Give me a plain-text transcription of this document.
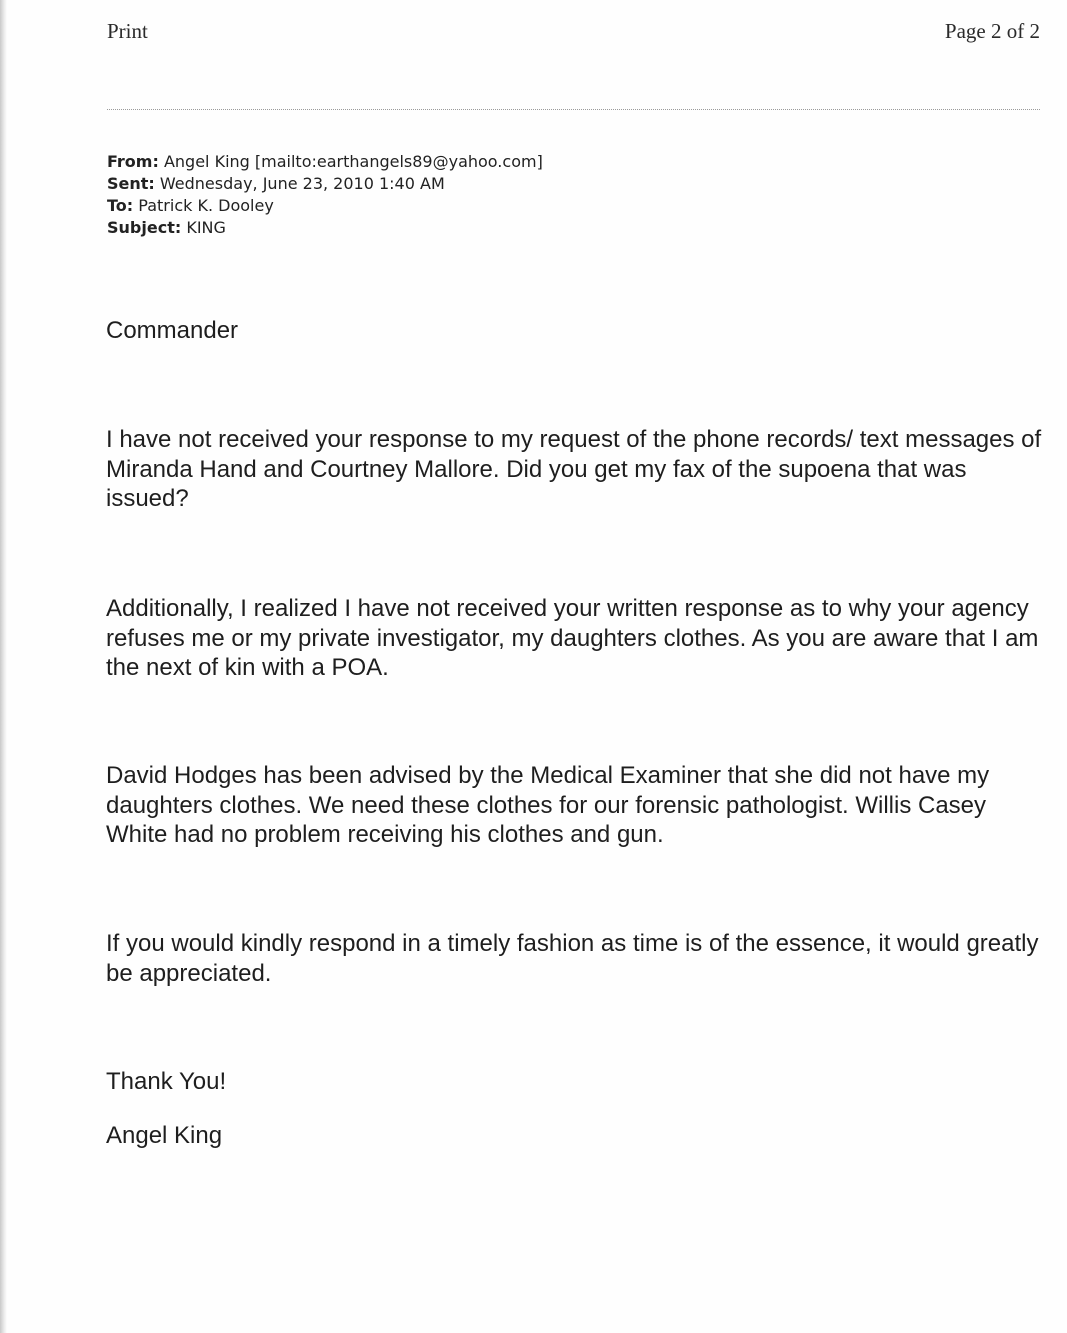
Print	Page 2 of 2
From: Angel King [mailto:earthangels89@yahoo.com]
Sent: Wednesday, June 23, 2010 1:40 AM
To: Patrick K. Dooley
Subject: KING

Commander

I have not received your response to my request of the phone records/ text messages of Miranda Hand and Courtney Mallore. Did you get my fax of the supoena that was issued?

Additionally, I realized I have not received your written response as to why your agency refuses me or my private investigator, my daughters clothes. As you are aware that I am the next of kin with a POA.

David Hodges has been advised by the Medical Examiner that she did not have my daughters clothes. We need these clothes for our forensic pathologist. Willis Casey White had no problem receiving his clothes and gun.

If you would kindly respond in a timely fashion as time is of the essence, it would greatly be appreciated.

Thank You!

Angel King
